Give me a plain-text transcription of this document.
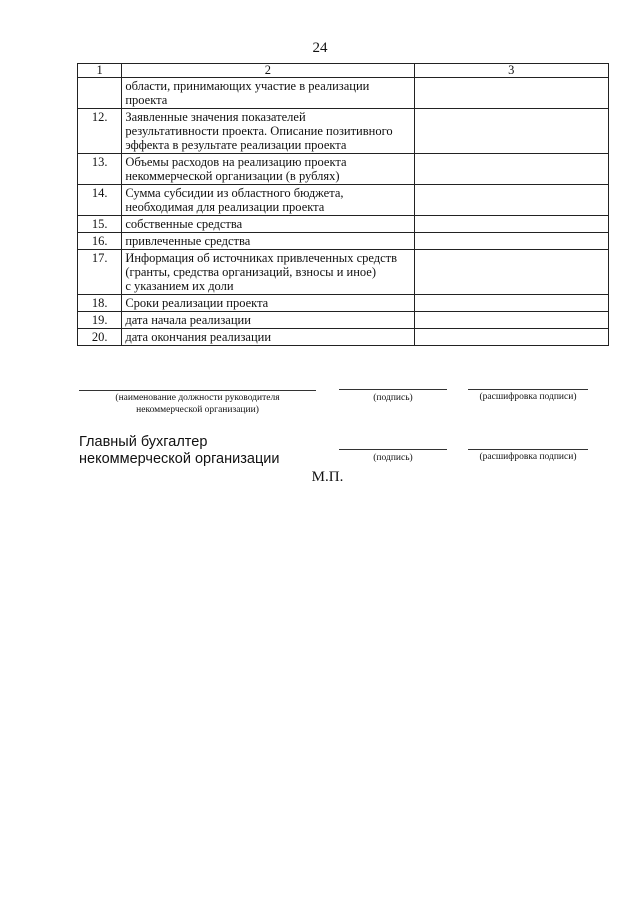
24
1	2	3

	области, принимающих участие в реализации
проекта	

12.	Заявленные значения показателей
результативности проекта. Описание позитивного
эффекта в результате реализации проекта	

13.	Объемы расходов на реализацию проекта
некоммерческой организации (в рублях)	

14.	Сумма субсидии из областного бюджета,
необходимая для реализации проекта	

15.	собственные средства	

16.	привлеченные средства	

17.	Информация об источниках привлеченных средств
(гранты, средства организаций, взносы и иное)
с указанием их доли	

18.	Сроки реализации проекта	

19.	дата начала реализации	

20.	дата окончания реализации	

(наименование должности руководителя
некоммерческой организации)
(подпись)	(расшифровка подписи)
Главный бухгалтер
некоммерческой организации	(подпись)	(расшифровка подписи)
М.П.
